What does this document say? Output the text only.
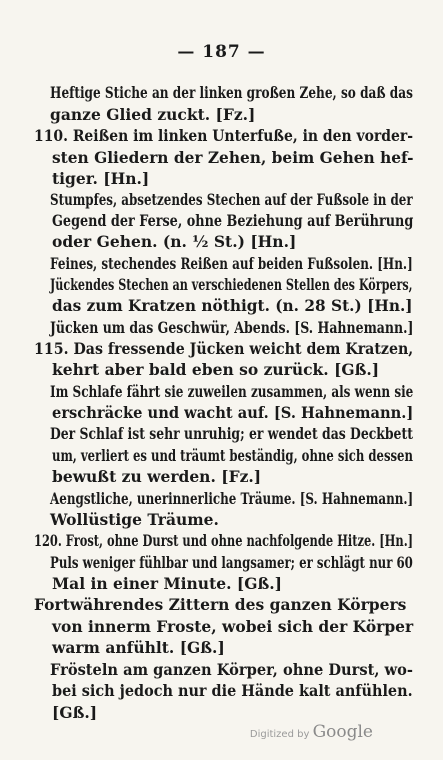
— 187 —
Heftige Stiche an der linken großen Zehe, so daß das
ganze Glied zuckt. [Fz.]
110. Reißen im linken Unterfuße, in den vorder-
sten Gliedern der Zehen, beim Gehen hef-
tiger. [Hn.]
Stumpfes, absetzendes Stechen auf der Fußsole in der
Gegend der Ferse, ohne Beziehung auf Berührung
oder Gehen. (n. ½ St.) [Hn.]
Feines, stechendes Reißen auf beiden Fußsolen. [Hn.]
Jückendes Stechen an verschiedenen Stellen des Körpers,
das zum Kratzen nöthigt. (n. 28 St.) [Hn.]
Jücken um das Geschwür, Abends. [S. Hahnemann.]
115. Das fressende Jücken weicht dem Kratzen,
kehrt aber bald eben so zurück. [Gß.]
Im Schlafe fährt sie zuweilen zusammen, als wenn sie
erschräcke und wacht auf. [S. Hahnemann.]
Der Schlaf ist sehr unruhig; er wendet das Deckbett
um, verliert es und träumt beständig, ohne sich dessen
bewußt zu werden. [Fz.]
Aengstliche, unerinnerliche Träume. [S. Hahnemann.]
Wollüstige Träume.
120. Frost, ohne Durst und ohne nachfolgende Hitze. [Hn.]
Puls weniger fühlbar und langsamer; er schlägt nur 60
Mal in einer Minute. [Gß.]
Fortwährendes Zittern des ganzen Körpers
von innerm Froste, wobei sich der Körper
warm anfühlt. [Gß.]
Frösteln am ganzen Körper, ohne Durst, wo-
bei sich jedoch nur die Hände kalt anfühlen.
[Gß.]
Digitized by Google
